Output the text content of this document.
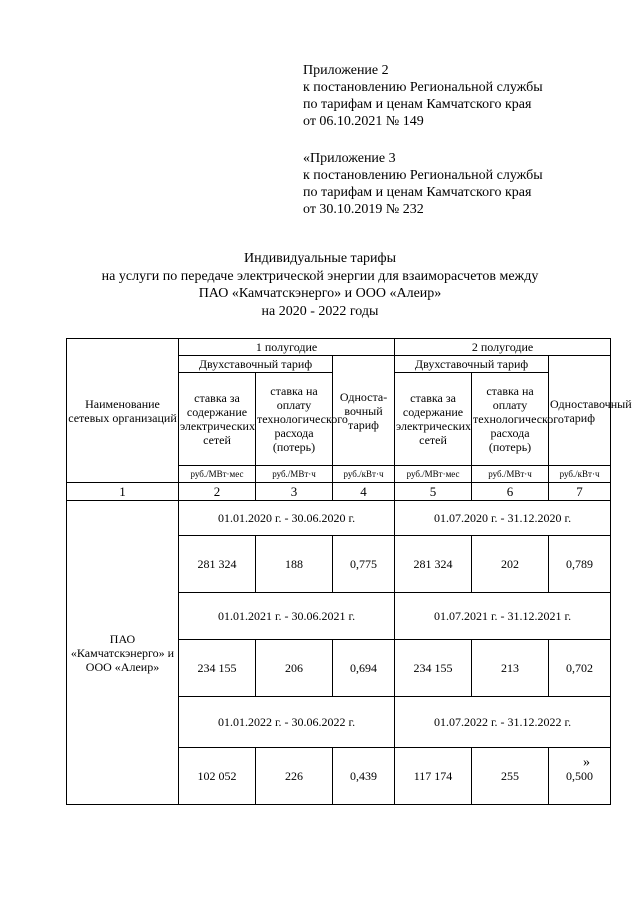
Приложение 2
к постановлению Региональной службы
по тарифам и ценам Камчатского края
от 06.10.2021 № 149
«Приложение 3
к постановлению Региональной службы
по тарифам и ценам Камчатского края
от 30.10.2019 № 232
Индивидуальные тарифы
на услуги по передаче электрической энергии для взаиморасчетов между
ПАО «Камчатскэнерго» и ООО «Алеир»
на 2020 - 2022 годы
Наименование сетевых организаций	1 полугодие			2 полугодие		
	Двухставочный тариф		Односта-вочный тариф	Двухставочный тариф		Одноставочный тариф
	ставка за содержание электрических сетей	ставка на оплату технологического расхода (потерь)		ставка за содержание электрических сетей	ставка на оплату технологического расхода (потерь)	
	руб./МВт·мес	руб./МВт·ч	руб./кВт·ч	руб./МВт·мес	руб./МВт·ч	руб./кВт·ч
1	2	3	4	5	6	7
ПАО «Камчатскэнерго» и ООО «Алеир»	01.01.2020 г. - 30.06.2020 г.			01.07.2020 г. - 31.12.2020 г.		
	281 324	188	0,775	281 324	202	0,789
	01.01.2021 г. - 30.06.2021 г.			01.07.2021 г. - 31.12.2021 г.		
	234 155	206	0,694	234 155	213	0,702
	01.01.2022 г. - 30.06.2022 г.			01.07.2022 г. - 31.12.2022 г.		
	102 052	226	0,439	117 174	255	0,500
»
